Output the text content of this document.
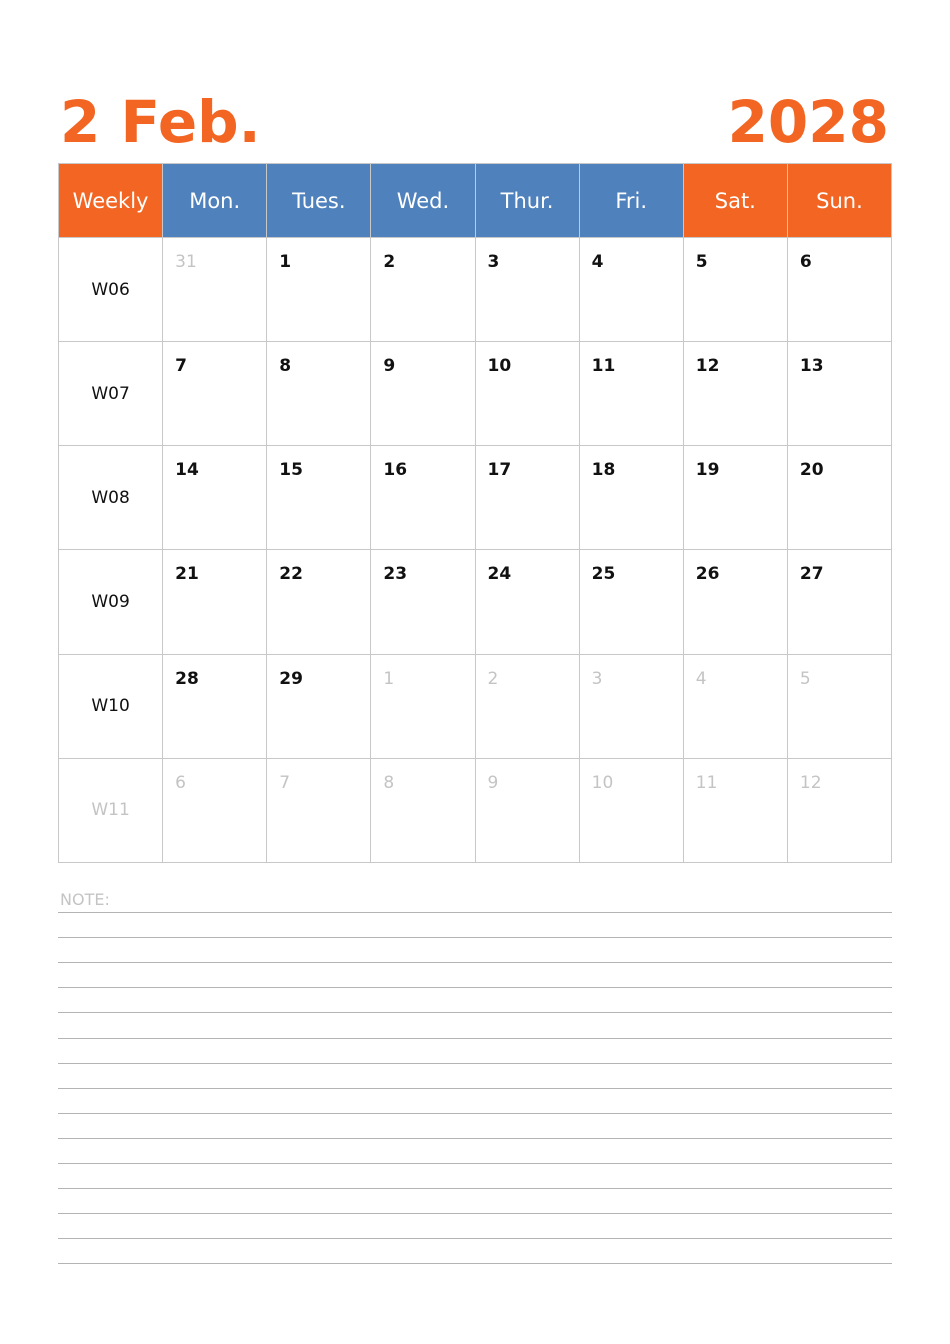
2 Feb.	2028
Weekly	Mon.	Tues.	Wed.	Thur.	Fri.	Sat.	Sun.
W06	31	1	2	3	4	5	6

W07	7	8	9	10	11	12	13

W08	14	15	16	17	18	19	20

W09	21	22	23	24	25	26	27

W10	28	29	1	2	3	4	5

W11	6	7	8	9	10	11	12
NOTE:
